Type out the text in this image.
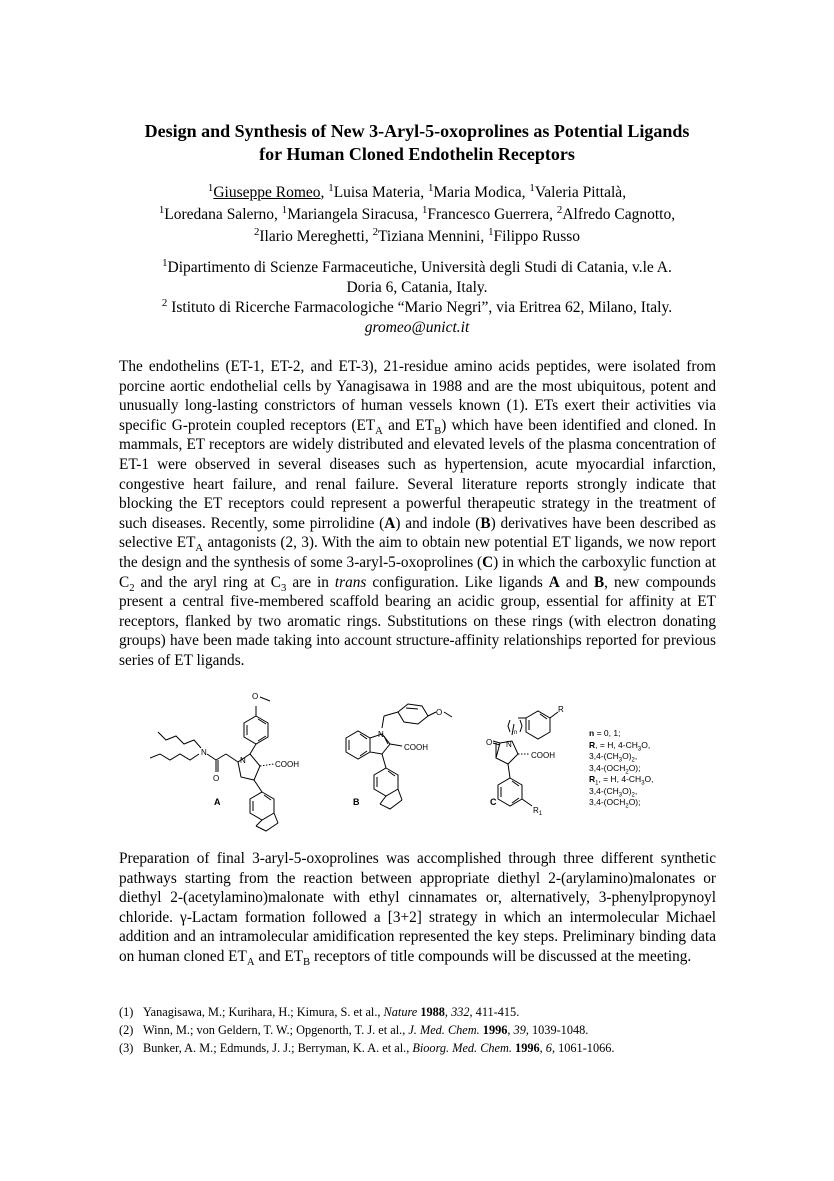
Design and Synthesis of New 3-Aryl-5-oxoprolines as Potential Ligands
for Human Cloned Endothelin Receptors
$^1$Giuseppe Romeo, $^1$Luisa Materia, $^1$Maria Modica, $^1$Valeria Pittalà,
$^1$Loredana Salerno, $^1$Mariangela Siracusa, $^1$Francesco Guerrera, $^2$Alfredo Cagnotto,
$^2$Ilario Mereghetti, $^2$Tiziana Mennini, $^1$Filippo Russo
$^1$Dipartimento di Scienze Farmaceutiche, Università degli Studi di Catania, v.le A.
Doria 6, Catania, Italy.
$^2$ Istituto di Ricerche Farmacologiche “Mario Negri”, via Eritrea 62, Milano, Italy.
gromeo@unict.it
The endothelins (ET-1, ET-2, and ET-3), 21-residue amino acids peptides, were isolated from porcine aortic endothelial cells by Yanagisawa in 1988 and are the most ubiquitous, potent and unusually long-lasting constrictors of human vessels known (1). ETs exert their activities via specific G-protein coupled receptors ($ET_A$ and $ET_B$) which have been identified and cloned. In mammals, ET receptors are widely distributed and elevated levels of the plasma concentration of ET-1 were observed in several diseases such as hypertension, acute myocardial infarction, congestive heart failure, and renal failure. Several literature reports strongly indicate that blocking the ET receptors could represent a powerful therapeutic strategy in the treatment of such diseases. Recently, some pirrolidine (A) and indole (B) derivatives have been described as selective $ET_A$ antagonists (2, 3). With the aim to obtain new potential ET ligands, we now report the design and the synthesis of some 3-aryl-5-oxoprolines (C) in which the carboxylic function at $C_2$ and the aryl ring at $C_3$ are in trans configuration. Like ligands A and B, new compounds present a central five-membered scaffold bearing an acidic group, essential for affinity at ET receptors, flanked by two aromatic rings. Substitutions on these rings (with electron donating groups) have been made taking into account structure-affinity relationships reported for previous series of ET ligands.
O
N	COOH
O
N
A
N
COOH
O
B
N
O
COOH
n
R
$R_1$
C
n = 0, 1;
R, = H, $4-CH_3O$,
$3,4-(CH_3O)_2$,
$3,4-(OCH_2O)$;
$R_1$, = H, $4-CH_3O$,
$3,4-(CH_3O)_2$,
$3,4-(OCH_2O)$;
Preparation of final 3-aryl-5-oxoprolines was accomplished through three different synthetic pathways starting from the reaction between appropriate diethyl 2-(arylamino)malonates or diethyl 2-(acetylamino)malonate with ethyl cinnamates or, alternatively, 3-phenylpropynoyl chloride. γ-Lactam formation followed a [3+2] strategy in which an intermolecular Michael addition and an intramolecular amidification represented the key steps. Preliminary binding data on human cloned $ET_A$ and $ET_B$ receptors of title compounds will be discussed at the meeting.
(1) Yanagisawa, M.; Kurihara, H.; Kimura, S. et al., Nature 1988, 332, 411-415.
(2) Winn, M.; von Geldern, T. W.; Opgenorth, T. J. et al., J. Med. Chem. 1996, 39, 1039-1048.
(3) Bunker, A. M.; Edmunds, J. J.; Berryman, K. A. et al., Bioorg. Med. Chem. 1996, 6, 1061-1066.
